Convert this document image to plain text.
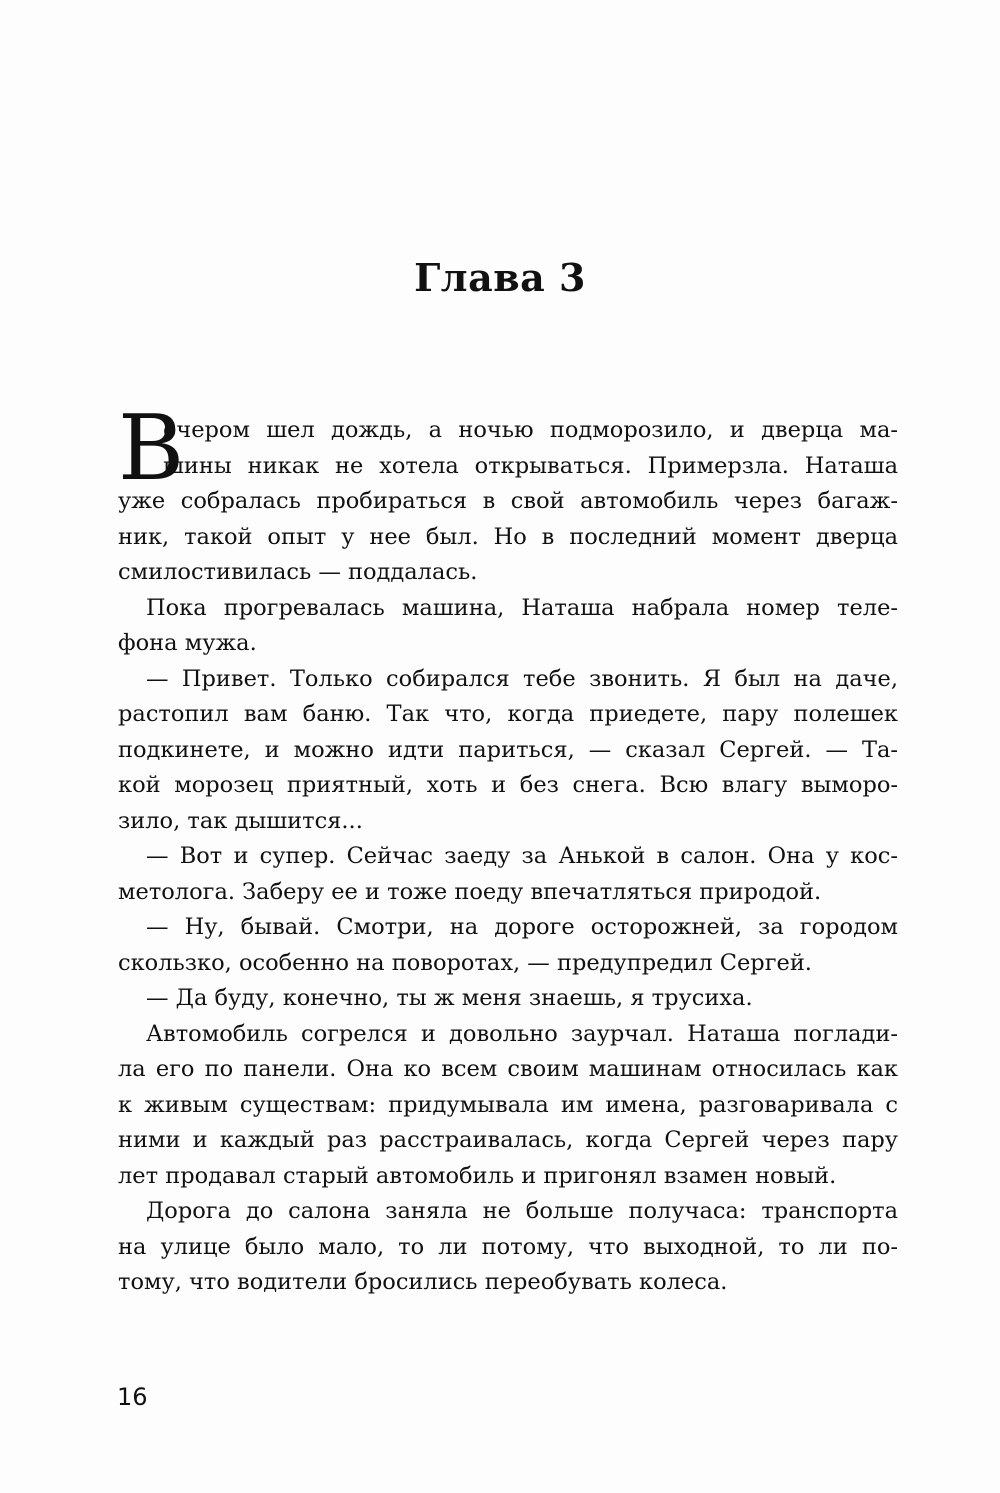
Глава 3
В
ечером шел дождь, а ночью подморозило, и дверца ма-
шины никак не хотела открываться. Примерзла. Наташа
уже собралась пробираться в свой автомобиль через багаж-
ник, такой опыт у нее был. Но в последний момент дверца
смилостивилась — поддалась.
Пока прогревалась машина, Наташа набрала номер теле-
фона мужа.
— Привет. Только собирался тебе звонить. Я был на даче,
растопил вам баню. Так что, когда приедете, пару полешек
подкинете, и можно идти париться, — сказал Сергей. — Та-
кой морозец приятный, хоть и без снега. Всю влагу выморо-
зило, так дышится...
— Вот и супер. Сейчас заеду за Анькой в салон. Она у кос-
метолога. Заберу ее и тоже поеду впечатляться природой.
— Ну, бывай. Смотри, на дороге осторожней, за городом
скользко, особенно на поворотах, — предупредил Сергей.
— Да буду, конечно, ты ж меня знаешь, я трусиха.
Автомобиль согрелся и довольно заурчал. Наташа поглади-
ла его по панели. Она ко всем своим машинам относилась как
к живым существам: придумывала им имена, разговаривала с
ними и каждый раз расстраивалась, когда Сергей через пару
лет продавал старый автомобиль и пригонял взамен новый.
Дорога до салона заняла не больше получаса: транспорта
на улице было мало, то ли потому, что выходной, то ли по-
тому, что водители бросились переобувать колеса.
16
